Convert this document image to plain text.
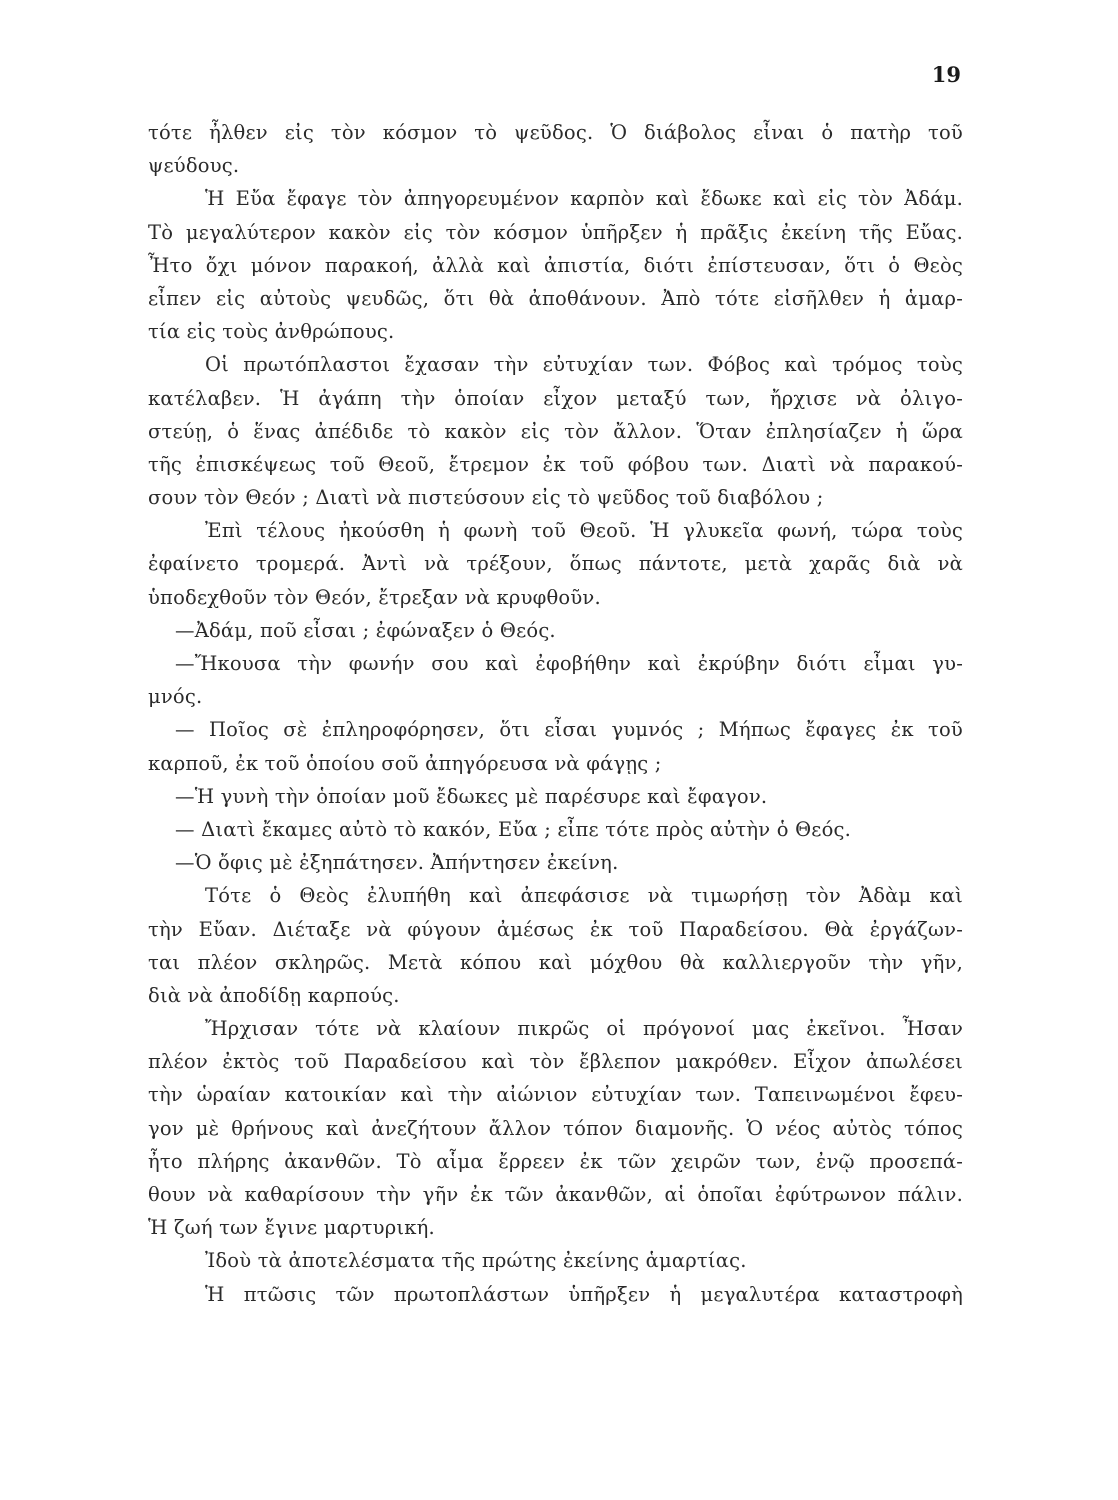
19
τότε ἦλθεν εἰς τὸν κόσμον τὸ ψεῦδος. Ὁ διάβολος εἶναι ὁ πατὴρ τοῦ
ψεύδους.
Ἡ Εὔα ἔφαγε τὸν ἀπηγορευμένον καρπὸν καὶ ἔδωκε καὶ εἰς τὸν Ἀδάμ.
Τὸ μεγαλύτερον κακὸν εἰς τὸν κόσμον ὑπῆρξεν ἡ πρᾶξις ἐκείνη τῆς Εὔας.
Ἦτο ὄχι μόνον παρακοή, ἀλλὰ καὶ ἀπιστία, διότι ἐπίστευσαν, ὅτι ὁ Θεὸς
εἶπεν εἰς αὐτοὺς ψευδῶς, ὅτι θὰ ἀποθάνουν. Ἀπὸ τότε εἰσῆλθεν ἡ ἁμαρ-
τία εἰς τοὺς ἀνθρώπους.
Οἱ πρωτόπλαστοι ἔχασαν τὴν εὐτυχίαν των. Φόβος καὶ τρόμος τοὺς
κατέλαβεν. Ἡ ἀγάπη τὴν ὁποίαν εἶχον μεταξύ των, ἤρχισε νὰ ὀλιγο-
στεύῃ, ὁ ἕνας ἀπέδιδε τὸ κακὸν εἰς τὸν ἄλλον. Ὅταν ἐπλησίαζεν ἡ ὥρα
τῆς ἐπισκέψεως τοῦ Θεοῦ, ἔτρεμον ἐκ τοῦ φόβου των. Διατὶ νὰ παρακού-
σουν τὸν Θεόν ; Διατὶ νὰ πιστεύσουν εἰς τὸ ψεῦδος τοῦ διαβόλου ;
Ἐπὶ τέλους ἠκούσθη ἡ φωνὴ τοῦ Θεοῦ. Ἡ γλυκεῖα φωνή, τώρα τοὺς
ἐφαίνετο τρομερά. Ἀντὶ νὰ τρέξουν, ὅπως πάντοτε, μετὰ χαρᾶς διὰ νὰ
ὑποδεχθοῦν τὸν Θεόν, ἔτρεξαν νὰ κρυφθοῦν.
—Ἀδάμ, ποῦ εἶσαι ; ἐφώναξεν ὁ Θεός.
—Ἤκουσα τὴν φωνήν σου καὶ ἐφοβήθην καὶ ἐκρύβην διότι εἶμαι γυ-
μνός.
— Ποῖος σὲ ἐπληροφόρησεν, ὅτι εἶσαι γυμνός ; Μήπως ἔφαγες ἐκ τοῦ
καρποῦ, ἐκ τοῦ ὁποίου σοῦ ἀπηγόρευσα νὰ φάγῃς ;
—Ἡ γυνὴ τὴν ὁποίαν μοῦ ἔδωκες μὲ παρέσυρε καὶ ἔφαγον.
— Διατὶ ἔκαμες αὐτὸ τὸ κακόν, Εὔα ; εἶπε τότε πρὸς αὐτὴν ὁ Θεός.
—Ὁ ὄφις μὲ ἐξηπάτησεν. Ἀπήντησεν ἐκείνη.
Τότε ὁ Θεὸς ἐλυπήθη καὶ ἀπεφάσισε νὰ τιμωρήσῃ τὸν Ἀδὰμ καὶ
τὴν Εὔαν. Διέταξε νὰ φύγουν ἀμέσως ἐκ τοῦ Παραδείσου. Θὰ ἐργάζων-
ται πλέον σκληρῶς. Μετὰ κόπου καὶ μόχθου θὰ καλλιεργοῦν τὴν γῆν,
διὰ νὰ ἀποδίδῃ καρπούς.
Ἤρχισαν τότε νὰ κλαίουν πικρῶς οἱ πρόγονοί μας ἐκεῖνοι. Ἦσαν
πλέον ἐκτὸς τοῦ Παραδείσου καὶ τὸν ἔβλεπον μακρόθεν. Εἶχον ἀπωλέσει
τὴν ὡραίαν κατοικίαν καὶ τὴν αἰώνιον εὐτυχίαν των. Ταπεινωμένοι ἔφευ-
γον μὲ θρήνους καὶ ἀνεζήτουν ἄλλον τόπον διαμονῆς. Ὁ νέος αὐτὸς τόπος
ἦτο πλήρης ἀκανθῶν. Τὸ αἷμα ἔρρεεν ἐκ τῶν χειρῶν των, ἐνῷ προσεπά-
θουν νὰ καθαρίσουν τὴν γῆν ἐκ τῶν ἀκανθῶν, αἱ ὁποῖαι ἐφύτρωνον πάλιν.
Ἡ ζωή των ἔγινε μαρτυρική.
Ἰδοὺ τὰ ἀποτελέσματα τῆς πρώτης ἐκείνης ἁμαρτίας.
Ἡ πτῶσις τῶν πρωτοπλάστων ὑπῆρξεν ἡ μεγαλυτέρα καταστροφὴ
